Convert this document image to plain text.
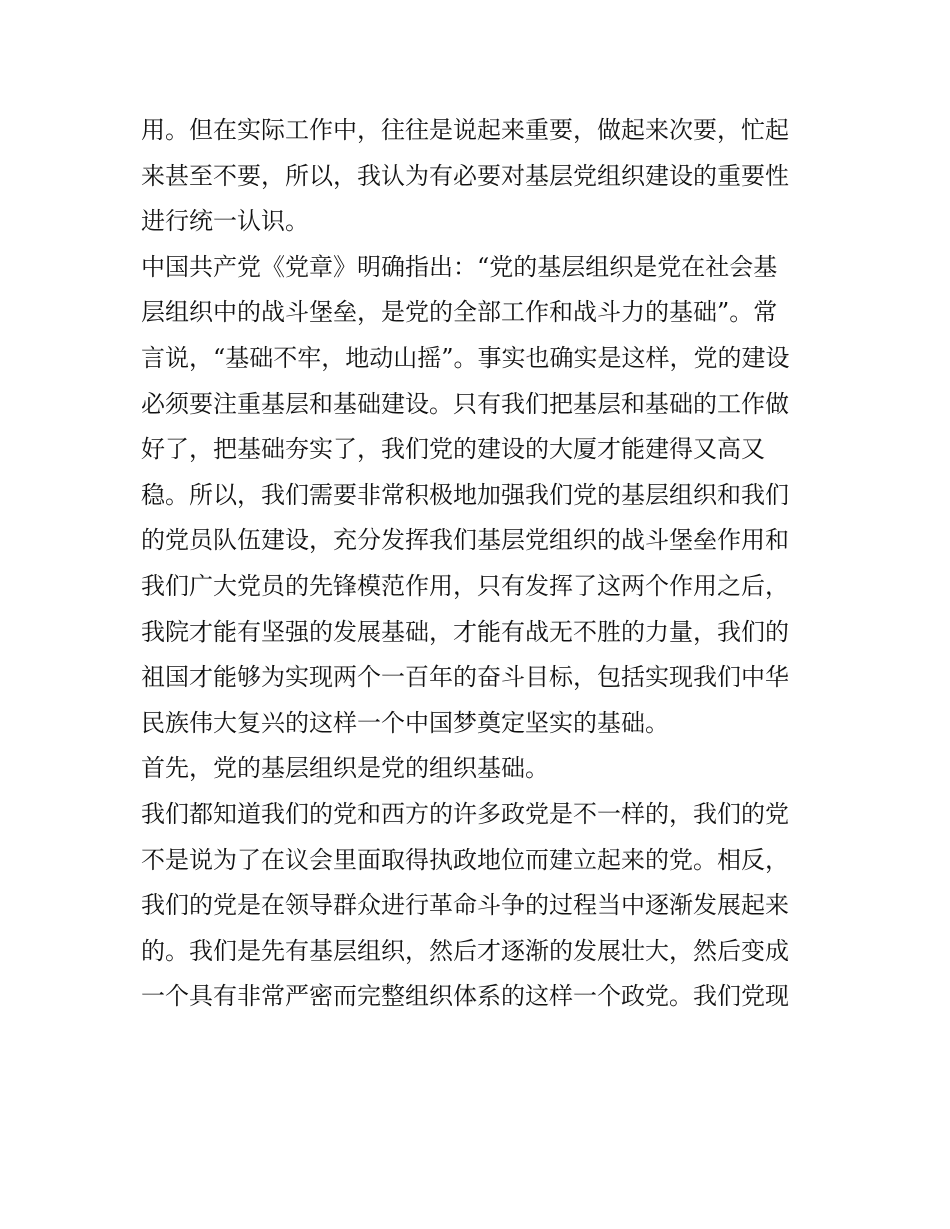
用。但在实际工作中，往往是说起来重要，做起来次要，忙起
来甚至不要，所以，我认为有必要对基层党组织建设的重要性
进行统一认识。
中国共产党《党章》明确指出：“党的基层组织是党在社会基
层组织中的战斗堡垒，是党的全部工作和战斗力的基础”。常
言说，“基础不牢，地动山摇”。事实也确实是这样，党的建设
必须要注重基层和基础建设。只有我们把基层和基础的工作做
好了，把基础夯实了，我们党的建设的大厦才能建得又高又
稳。所以，我们需要非常积极地加强我们党的基层组织和我们
的党员队伍建设，充分发挥我们基层党组织的战斗堡垒作用和
我们广大党员的先锋模范作用，只有发挥了这两个作用之后，
我院才能有坚强的发展基础，才能有战无不胜的力量，我们的
祖国才能够为实现两个一百年的奋斗目标，包括实现我们中华
民族伟大复兴的这样一个中国梦奠定坚实的基础。
首先，党的基层组织是党的组织基础。
我们都知道我们的党和西方的许多政党是不一样的，我们的党
不是说为了在议会里面取得执政地位而建立起来的党。相反，
我们的党是在领导群众进行革命斗争的过程当中逐渐发展起来
的。我们是先有基层组织，然后才逐渐的发展壮大，然后变成
一个具有非常严密而完整组织体系的这样一个政党。我们党现
